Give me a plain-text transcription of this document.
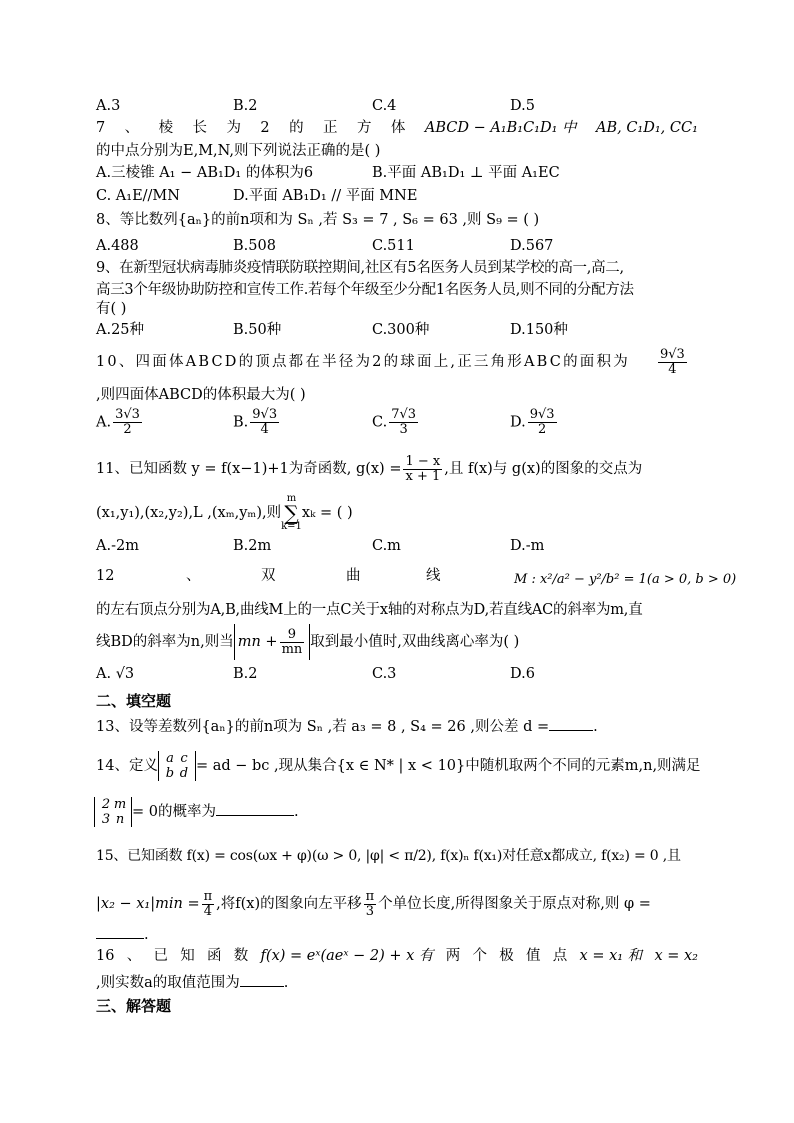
A.3	B.2	C.4	D.5
7 、 棱 长 为 2 的 正 方 体 ABCD − A₁B₁C₁D₁ 中 AB, C₁D₁, CC₁
的中点分别为E,M,N,则下列说法正确的是( )
A.三棱锥 A₁ − AB₁D₁ 的体积为6	B.平面 AB₁D₁ ⊥ 平面 A₁EC
C. A₁E//MN	D.平面 AB₁D₁ // 平面 MNE
8、等比数列{aₙ}的前n项和为 Sₙ ,若 S₃ = 7 , S₆ = 63 ,则 S₉ = ( )
A.488	B.508	C.511	D.567
9、在新型冠状病毒肺炎疫情联防联控期间,社区有5名医务人员到某学校的高一,高二,
高三3个年级协助防控和宣传工作.若每个年级至少分配1名医务人员,则不同的分配方法
有( )
A.25种	B.50种	C.300种	D.150种
10、四面体ABCD的顶点都在半径为2的球面上,正三角形ABC的面积为 $\frac{9√3}{4}$
,则四面体ABCD的体积最大为( )
A. $\frac{3√3}{2}$	B. $\frac{9√3}{4}$	C. $\frac{7√3}{3}$	D. $\frac{9√3}{2}$
11、已知函数 y = f(x−1)+1为奇函数, $g(x) = \frac{1 - x}{x + 1}$ ,且 f(x)与 g(x)的图象的交点为
(x₁,y₁),(x₂,y₂),L ,(xₘ,yₘ),则m
∑
k=1xₖ = ( )
A.-2m	B.2m	C.m	D.-m
12	、	双	曲	线	M : x²/a² − y²/b² = 1(a > 0, b > 0)
的左右顶点分别为A,B,曲线M上的一点C关于x轴的对称点为D,若直线AC的斜率为m,直
线BD的斜率为n,则当 mn + $\frac{9}{mn}$ 取到最小值时,双曲线离心率为( )
A. √3	B.2	C.3	D.6
二、填空题
13、设等差数列{aₙ}的前n项为 Sₙ ,若 a₃ = 8 , S₄ = 26 ,则公差 d =	.
14、定义 a c
b d = ad − bc ,现从集合{x ∈ N* | x < 10}中随机取两个不同的元素m,n,则满足
2 m
3 n = 0的概率为	.
15、已知函数 f(x) = cos(ωx + φ)(ω > 0, |φ| < π/2), f(x)ₙ f(x₁)对任意x都成立, f(x₂) = 0 ,且
$|x_2 - x_1|\min = \frac{\pi}{4}$ ,将f(x)的图象向左平移 $\frac{\pi}{3}$ 个单位长度,所得图象关于原点对称,则 φ =
.
16 、 已 知 函 数 f(x) = eˣ(aeˣ − 2) + x 有 两 个 极 值 点 x = x₁ 和 x = x₂
,则实数a的取值范围为	.
三、解答题
